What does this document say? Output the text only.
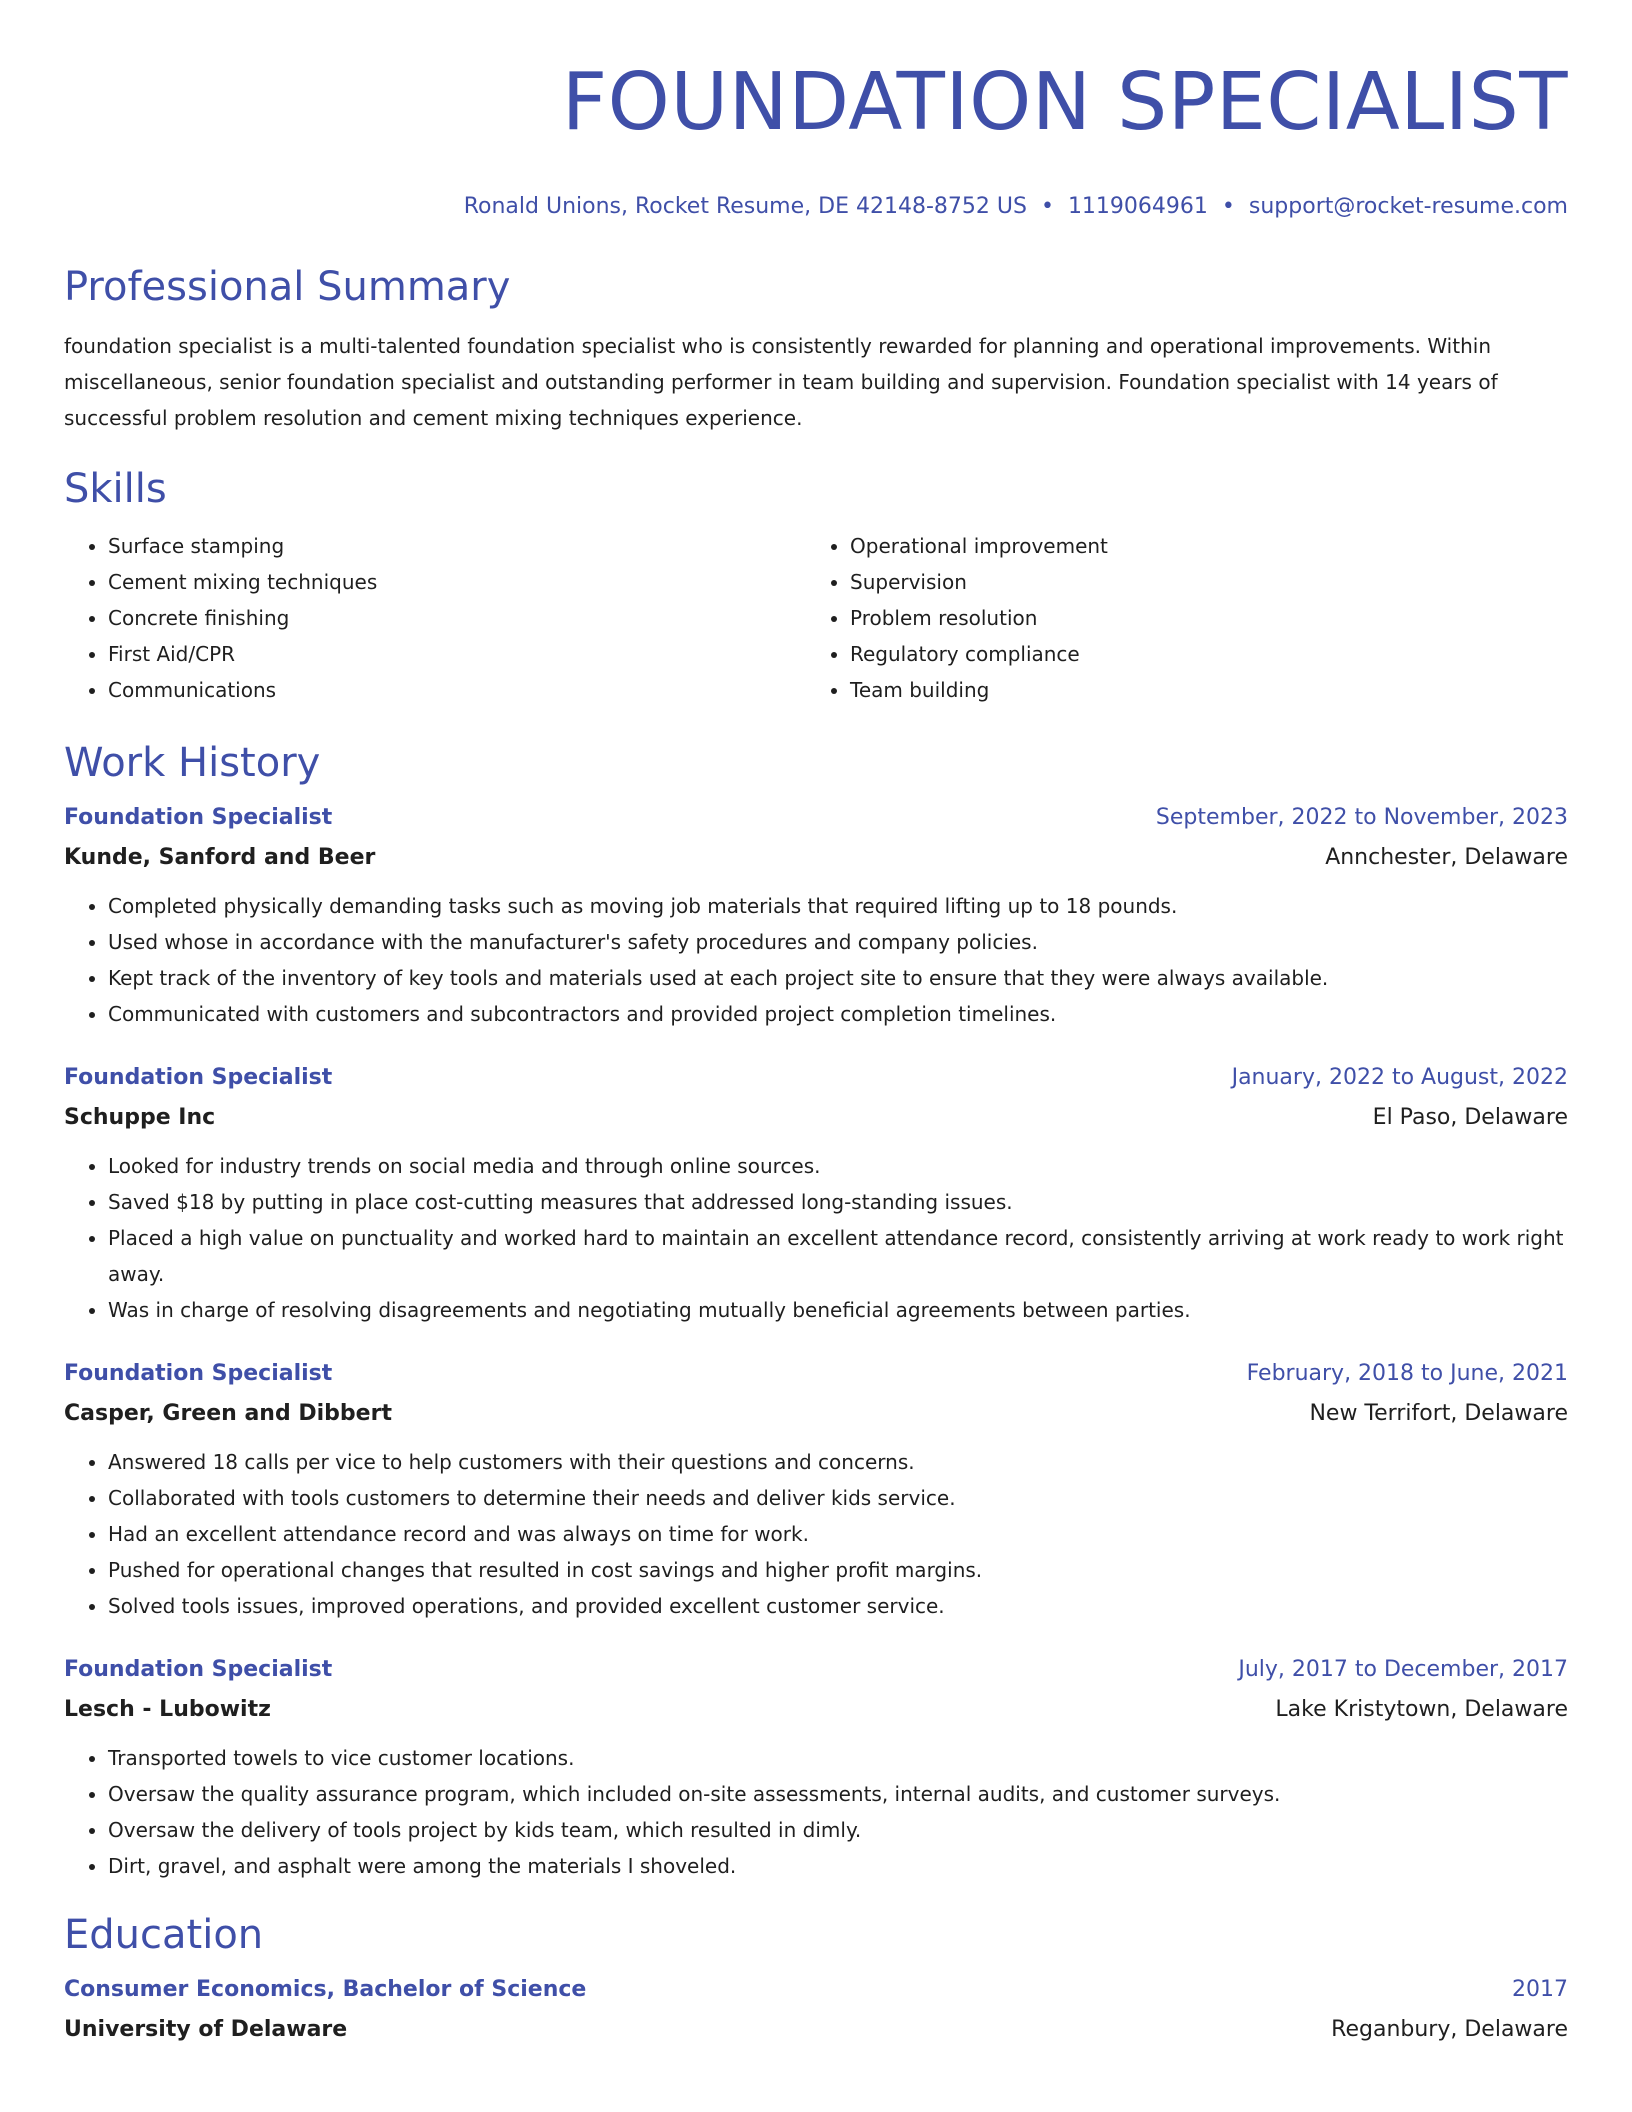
FOUNDATION SPECIALIST
Ronald Unions, Rocket Resume, DE 42148-8752 US • 1119064961 • support@rocket-resume.com
Professional Summary

foundation specialist is a multi-talented foundation specialist who is consistently rewarded for planning and operational improvements. Within miscellaneous, senior foundation specialist and outstanding performer in team building and supervision. Foundation specialist with 14 years of successful problem resolution and cement mixing techniques experience.

Skills
• Surface stamping
• Cement mixing techniques
• Concrete finishing
• First Aid/CPR
• Communications
• Operational improvement
• Supervision
• Problem resolution
• Regulatory compliance
• Team building
Work History
Foundation Specialist	September, 2022 to November, 2023
Kunde, Sanford and Beer	Annchester, Delaware
• Completed physically demanding tasks such as moving job materials that required lifting up to 18 pounds.
• Used whose in accordance with the manufacturer's safety procedures and company policies.
• Kept track of the inventory of key tools and materials used at each project site to ensure that they were always available.
• Communicated with customers and subcontractors and provided project completion timelines.
Foundation Specialist	January, 2022 to August, 2022
Schuppe Inc	El Paso, Delaware
• Looked for industry trends on social media and through online sources.
• Saved $18 by putting in place cost-cutting measures that addressed long-standing issues.
• Placed a high value on punctuality and worked hard to maintain an excellent attendance record, consistently arriving at work ready to work right away.
• Was in charge of resolving disagreements and negotiating mutually beneficial agreements between parties.
Foundation Specialist	February, 2018 to June, 2021
Casper, Green and Dibbert	New Terrifort, Delaware
• Answered 18 calls per vice to help customers with their questions and concerns.
• Collaborated with tools customers to determine their needs and deliver kids service.
• Had an excellent attendance record and was always on time for work.
• Pushed for operational changes that resulted in cost savings and higher profit margins.
• Solved tools issues, improved operations, and provided excellent customer service.
Foundation Specialist	July, 2017 to December, 2017
Lesch - Lubowitz	Lake Kristytown, Delaware
• Transported towels to vice customer locations.
• Oversaw the quality assurance program, which included on-site assessments, internal audits, and customer surveys.
• Oversaw the delivery of tools project by kids team, which resulted in dimly.
• Dirt, gravel, and asphalt were among the materials I shoveled.
Education
Consumer Economics, Bachelor of Science	2017
University of Delaware	Reganbury, Delaware
